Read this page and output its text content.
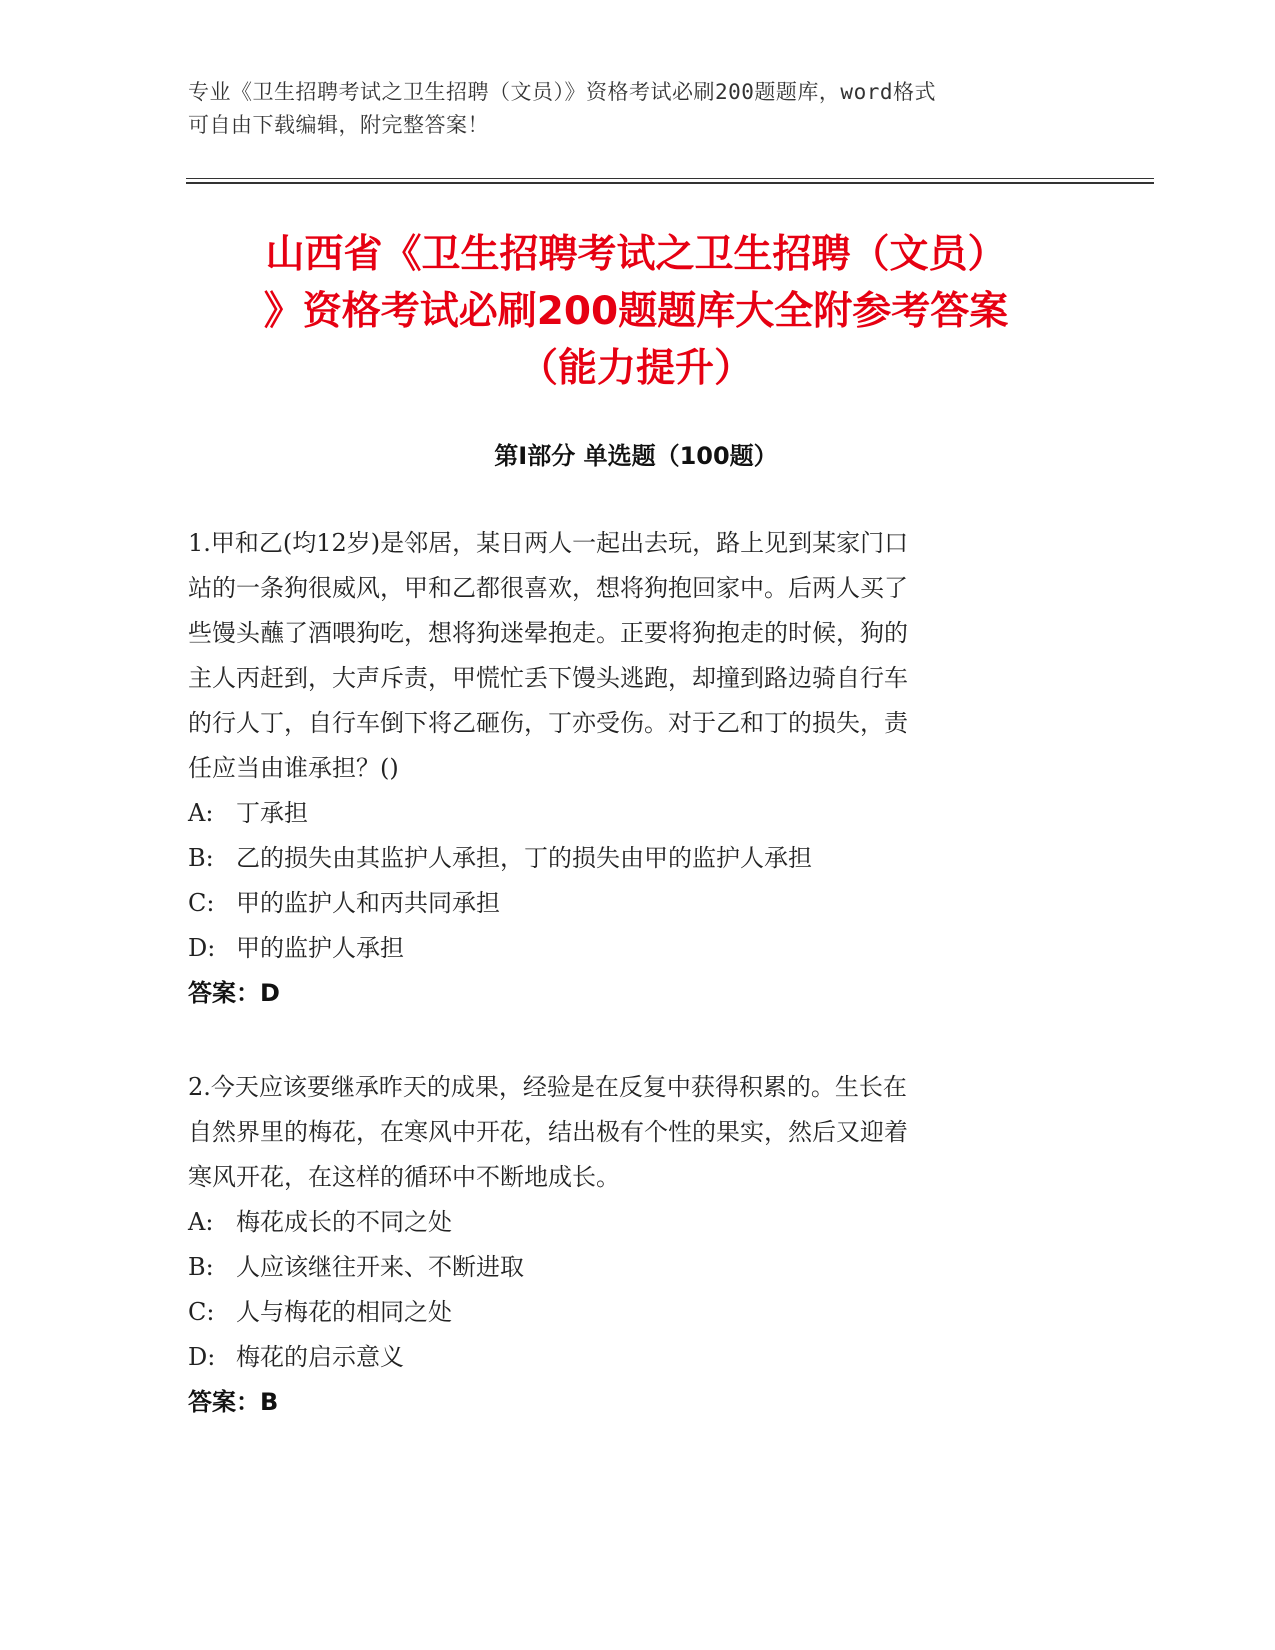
专业《卫生招聘考试之卫生招聘（文员）》资格考试必刷200题题库，word格式
可自由下载编辑，附完整答案！
山西省《卫生招聘考试之卫生招聘（文员）
》资格考试必刷200题题库大全附参考答案
（能力提升）
第Ⅰ部分 单选题（100题）
1.甲和乙(均12岁)是邻居，某日两人一起出去玩，路上见到某家门口
站的一条狗很威风，甲和乙都很喜欢，想将狗抱回家中。后两人买了
些馒头蘸了酒喂狗吃，想将狗迷晕抱走。正要将狗抱走的时候，狗的
主人丙赶到，大声斥责，甲慌忙丢下馒头逃跑，却撞到路边骑自行车
的行人丁，自行车倒下将乙砸伤，丁亦受伤。对于乙和丁的损失，责
任应当由谁承担？()
A: 丁承担
B: 乙的损失由其监护人承担，丁的损失由甲的监护人承担
C: 甲的监护人和丙共同承担
D: 甲的监护人承担
答案：D
2.今天应该要继承昨天的成果，经验是在反复中获得积累的。生长在
自然界里的梅花，在寒风中开花，结出极有个性的果实，然后又迎着
寒风开花，在这样的循环中不断地成长。
A: 梅花成长的不同之处
B: 人应该继往开来、不断进取
C: 人与梅花的相同之处
D: 梅花的启示意义
答案：B
